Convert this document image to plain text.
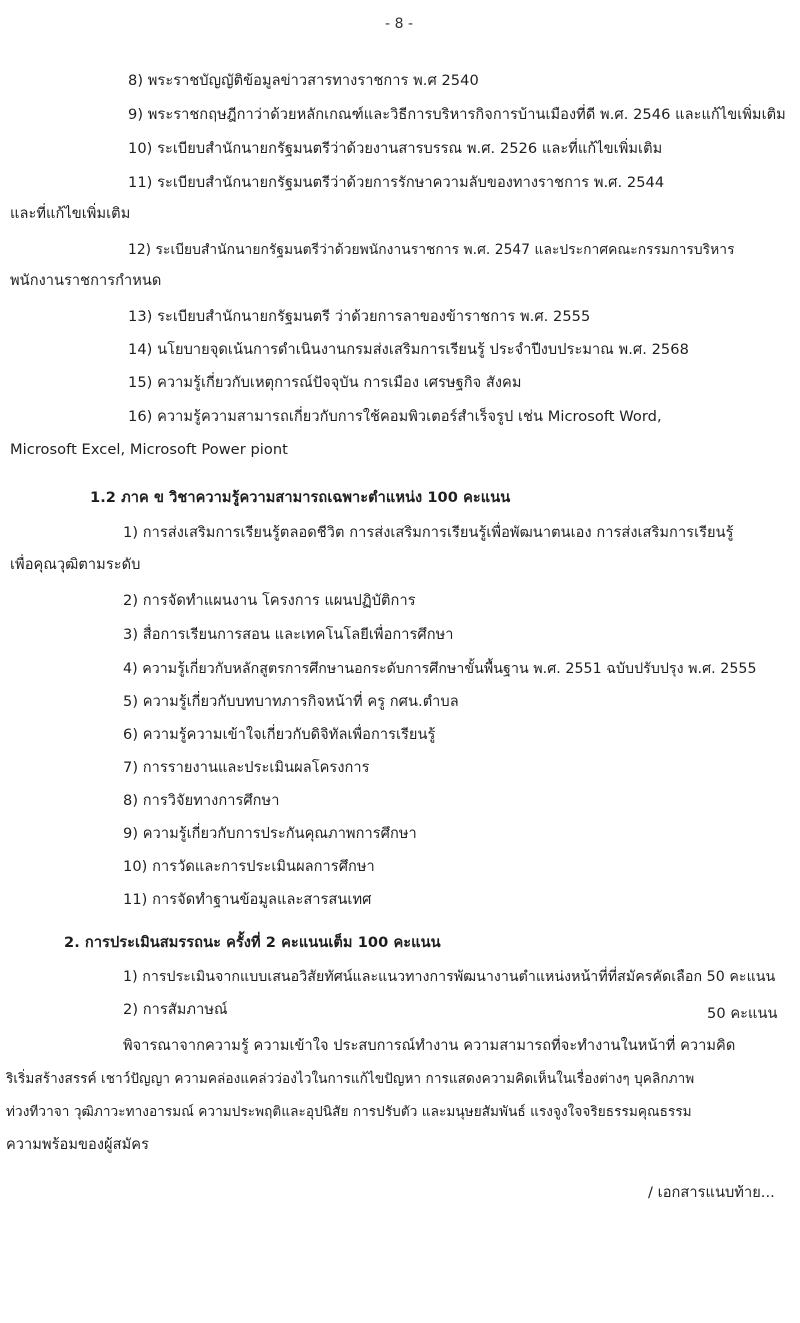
- 8 -
8) พระราชบัญญัติข้อมูลข่าวสารทางราชการ พ.ศ 2540
9) พระราชกฤษฎีกาว่าด้วยหลักเกณฑ์และวิธีการบริหารกิจการบ้านเมืองที่ดี พ.ศ. 2546 และแก้ไขเพิ่มเติม
10) ระเบียบสำนักนายกรัฐมนตรีว่าด้วยงานสารบรรณ พ.ศ. 2526 และที่แก้ไขเพิ่มเติม
11) ระเบียบสำนักนายกรัฐมนตรีว่าด้วยการรักษาความลับของทางราชการ พ.ศ. 2544
และที่แก้ไขเพิ่มเติม
12) ระเบียบสำนักนายกรัฐมนตรีว่าด้วยพนักงานราชการ พ.ศ. 2547 และประกาศคณะกรรมการบริหาร
พนักงานราชการกำหนด
13) ระเบียบสำนักนายกรัฐมนตรี ว่าด้วยการลาของข้าราชการ พ.ศ. 2555
14) นโยบายจุดเน้นการดำเนินงานกรมส่งเสริมการเรียนรู้ ประจำปีงบประมาณ พ.ศ. 2568
15) ความรู้เกี่ยวกับเหตุการณ์ปัจจุบัน การเมือง เศรษฐกิจ สังคม
16) ความรู้ความสามารถเกี่ยวกับการใช้คอมพิวเตอร์สำเร็จรูป เช่น Microsoft Word,
Microsoft Excel, Microsoft Power piont
1.2 ภาค ข วิชาความรู้ความสามารถเฉพาะตำแหน่ง 100 คะแนน
1) การส่งเสริมการเรียนรู้ตลอดชีวิต การส่งเสริมการเรียนรู้เพื่อพัฒนาตนเอง การส่งเสริมการเรียนรู้
เพื่อคุณวุฒิตามระดับ
2) การจัดทำแผนงาน โครงการ แผนปฏิบัติการ
3) สื่อการเรียนการสอน และเทคโนโลยีเพื่อการศึกษา
4) ความรู้เกี่ยวกับหลักสูตรการศึกษานอกระดับการศึกษาขั้นพื้นฐาน พ.ศ. 2551 ฉบับปรับปรุง พ.ศ. 2555
5) ความรู้เกี่ยวกับบทบาทภารกิจหน้าที่ ครู กศน.ตำบล
6) ความรู้ความเข้าใจเกี่ยวกับดิจิทัลเพื่อการเรียนรู้
7) การรายงานและประเมินผลโครงการ
8) การวิจัยทางการศึกษา
9) ความรู้เกี่ยวกับการประกันคุณภาพการศึกษา
10) การวัดและการประเมินผลการศึกษา
11) การจัดทำฐานข้อมูลและสารสนเทศ
2. การประเมินสมรรถนะ ครั้งที่ 2 คะแนนเต็ม 100 คะแนน
1) การประเมินจากแบบเสนอวิสัยทัศน์และแนวทางการพัฒนางานตำแหน่งหน้าที่ที่สมัครคัดเลือก 50 คะแนน
2) การสัมภาษณ์	50 คะแนน
พิจารณาจากความรู้ ความเข้าใจ ประสบการณ์ทำงาน ความสามารถที่จะทำงานในหน้าที่ ความคิด
ริเริ่มสร้างสรรค์ เชาว์ปัญญา ความคล่องแคล่วว่องไวในการแก้ไขปัญหา การแสดงความคิดเห็นในเรื่องต่างๆ บุคลิกภาพ
ท่วงทีวาจา วุฒิภาวะทางอารมณ์ ความประพฤติและอุปนิสัย การปรับตัว และมนุษยสัมพันธ์ แรงจูงใจจริยธรรมคุณธรรม
ความพร้อมของผู้สมัคร
/ เอกสารแนบท้าย...
